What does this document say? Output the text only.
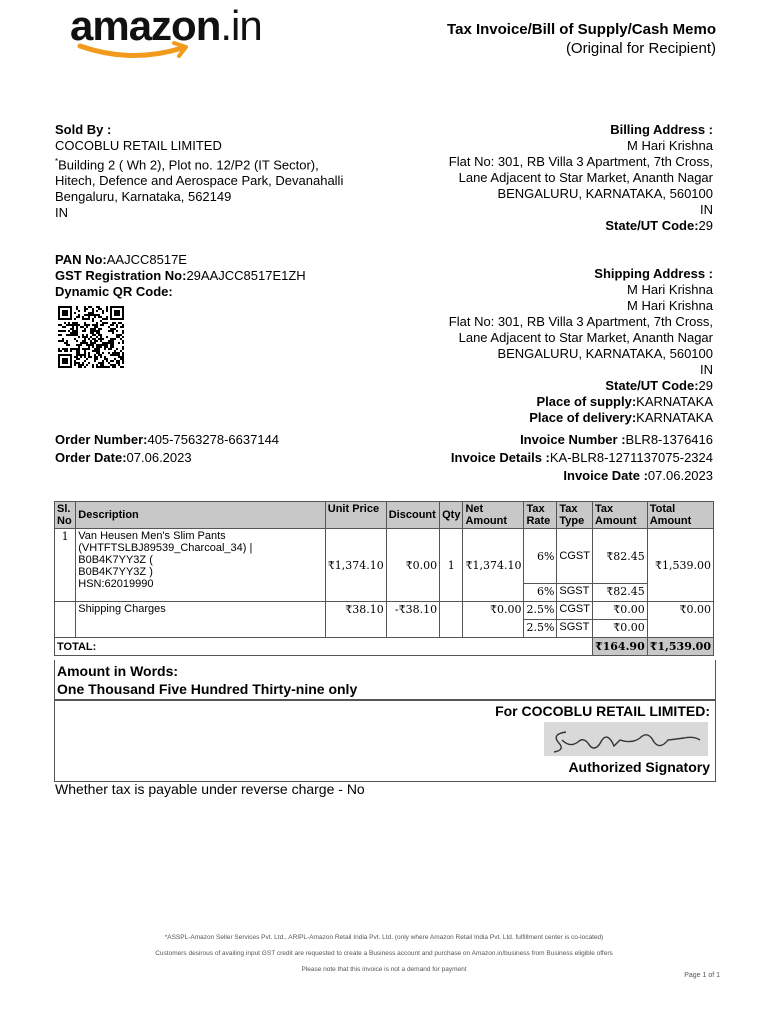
amazon.in	Tax Invoice/Bill of Supply/Cash Memo
(Original for Recipient)
Sold By :
COCOBLU RETAIL LIMITED
*Building 2 ( Wh 2), Plot no. 12/P2 (IT Sector),
Hitech, Defence and Aerospace Park, Devanahalli
Bengaluru, Karnataka, 562149
IN
PAN No:AAJCC8517E
GST Registration No:29AAJCC8517E1ZH
Dynamic QR Code:
Billing Address :
M Hari Krishna
Flat No: 301, RB Villa 3 Apartment, 7th Cross,
Lane Adjacent to Star Market, Ananth Nagar
BENGALURU, KARNATAKA, 560100
IN
State/UT Code:29
Shipping Address :
M Hari Krishna
M Hari Krishna
Flat No: 301, RB Villa 3 Apartment, 7th Cross,
Lane Adjacent to Star Market, Ananth Nagar
BENGALURU, KARNATAKA, 560100
IN
State/UT Code:29
Place of supply:KARNATAKA
Place of delivery:KARNATAKA
Order Number:405-7563278-6637144
Order Date:07.06.2023
Invoice Number :BLR8-1376416
Invoice Details :KA-BLR8-1271137075-2324
Invoice Date :07.06.2023
Sl. No	Description	Unit Price	Discount	Qty	Net Amount	Tax Rate	Tax Type	Tax Amount	Total Amount
1	Van Heusen Men's Slim Pants
(VHTFTSLBJ89539_Charcoal_34) | B0B4K7YY3Z (
B0B4K7YY3Z )
HSN:62019990	₹1,374.10	₹0.00	1	₹1,374.10	6%	CGST	₹82.45	₹1,539.00
						6%	SGST	₹82.45	
	Shipping Charges	₹38.10	-₹38.10		₹0.00	2.5%	CGST	₹0.00	₹0.00
						2.5%	SGST	₹0.00	
TOTAL:								₹164.90	₹1,539.00
Amount in Words:
One Thousand Five Hundred Thirty-nine only
For COCOBLU RETAIL LIMITED:
Authorized Signatory
Whether tax is payable under reverse charge - No
*ASSPL-Amazon Seller Services Pvt. Ltd., ARIPL-Amazon Retail India Pvt. Ltd. (only where Amazon Retail India Pvt. Ltd. fulfillment center is co-located)
Customers desirous of availing input GST credit are requested to create a Business account and purchase on Amazon.in/business from Business eligible offers
Please note that this invoice is not a demand for payment
Page 1 of 1
